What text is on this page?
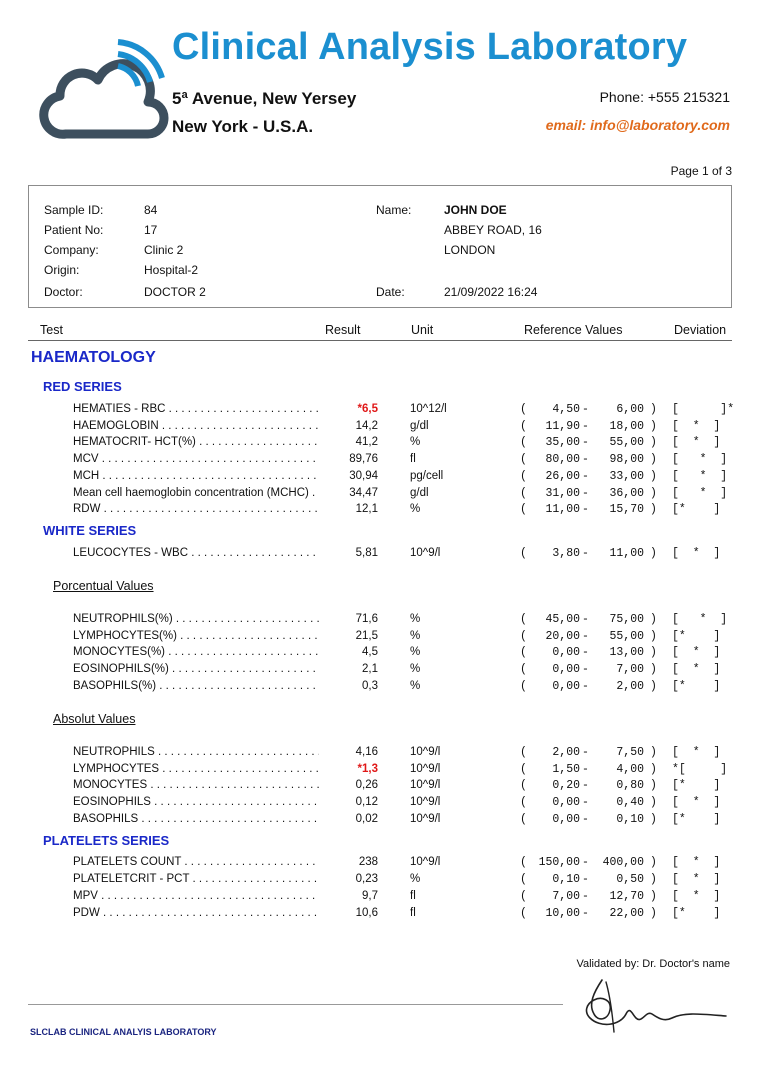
Clinical Analysis Laboratory
5ª Avenue, New Yersey
New York - U.S.A.
Phone: +555 215321
email: info@laboratory.com
Page 1 of 3
Sample ID:	84
Patient No:	17
Company:	Clinic 2
Origin:	Hospital-2
Doctor:	DOCTOR 2
Name:	JOHN DOE
ABBEY ROAD, 16
LONDON
Date:	21/09/2022 16:24
Test	Result	Unit	Reference Values	Deviation
HAEMATOLOGY
RED SERIES
HEMATIES - RBC . . .	*6,5	10^12/l	(	4,50 -	6,00 ) [      ]*
HAEMOGLOBIN . . .	14,2	g/dl	(	11,90 -	18,00 ) [  *  ]
HEMATOCRIT- HCT(%) . . .	41,2	%	(	35,00 -	55,00 ) [  *  ]
MCV . . .	89,76	fl	(	80,00 -	98,00 ) [   *  ]
MCH . . .	30,94	pg/cell	(	26,00 -	33,00 ) [   *  ]
Mean cell haemoglobin concentration (MCHC) . . .	34,47	g/dl	(	31,00 -	36,00 ) [   *  ]
RDW . . .	12,1	%	(	11,00 -	15,70 ) [*    ]
WHITE SERIES
LEUCOCYTES - WBC . . .	5,81	10^9/l	(	3,80 -	11,00 ) [  *  ]
Porcentual Values
NEUTROPHILS(%) . . .	71,6	%	(	45,00 -	75,00 ) [   *  ]
LYMPHOCYTES(%) . . .	21,5	%	(	20,00 -	55,00 ) [*    ]
MONOCYTES(%) . . .	4,5	%	(	0,00 -	13,00 ) [  *  ]
EOSINOPHILS(%) . . .	2,1	%	(	0,00 -	7,00 ) [  *  ]
BASOPHILS(%) . . .	0,3	%	(	0,00 -	2,00 ) [*    ]
Absolut Values
NEUTROPHILS . . .	4,16	10^9/l	(	2,00 -	7,50 ) [  *  ]
LYMPHOCYTES . . .	*1,3	10^9/l	(	1,50 -	4,00 ) *[     ]
MONOCYTES . . .	0,26	10^9/l	(	0,20 -	0,80 ) [*    ]
EOSINOPHILS . . .	0,12	10^9/l	(	0,00 -	0,40 ) [  *  ]
BASOPHILS . . .	0,02	10^9/l	(	0,00 -	0,10 ) [*    ]
PLATELETS SERIES
PLATELETS COUNT . . .	238	10^9/l	(	150,00 -	400,00 ) [  *  ]
PLATELETCRIT - PCT . . .	0,23	%	(	0,10 -	0,50 ) [  *  ]
MPV . . .	9,7	fl	(	7,00 -	12,70 ) [  *  ]
PDW . . .	10,6	fl	(	10,00 -	22,00 ) [*    ]
Validated by: Dr. Doctor's name
SLCLAB CLINICAL ANALYIS LABORATORY
